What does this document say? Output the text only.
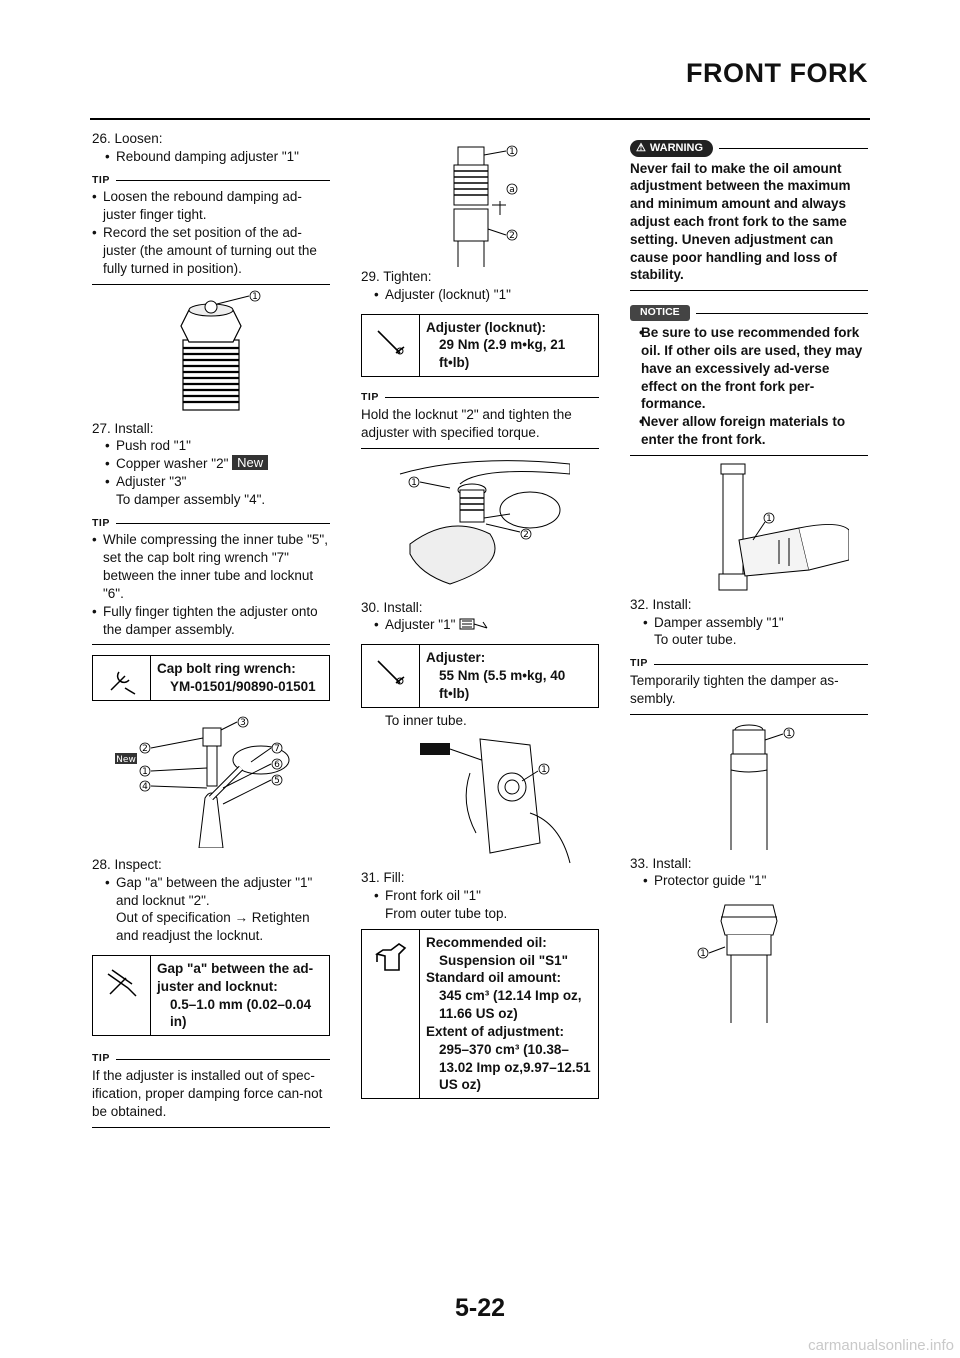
FRONT FORK
26. Loosen:
• Rebound damping adjuster "1"
TIP
• Loosen the rebound damping ad-juster finger tight.
• Record the set position of the ad-juster (the amount of turning out the fully turned in position).
1
27. Install:
• Push rod "1"
• Copper washer "2" New
• Adjuster "3"
To damper assembly "4".
TIP
• While compressing the inner tube "5", set the cap bolt ring wrench "7" between the inner tube and locknut "6".
• Fully finger tighten the adjuster onto the damper assembly.
Cap bolt ring wrench:
YM-01501/90890-01501
New
2
3
1
7
4
6
5
28. Inspect:
• Gap "a" between the adjuster "1" and locknut "2".
Out of specification → Retighten and readjust the locknut.
Gap "a" between the ad-juster and locknut:
0.5–1.0 mm (0.02–0.04 in)
TIP
If the adjuster is installed out of spec-ification, proper damping force can-not be obtained.
1
a
2
29. Tighten:
• Adjuster (locknut) "1"
Adjuster (locknut):
29 Nm (2.9 m•kg, 21 ft•lb)
TIP
Hold the locknut "2" and tighten the adjuster with specified torque.
1
2
30. Install:
• Adjuster "1"
Adjuster:
55 Nm (5.5 m•kg, 40 ft•lb)
To inner tube.
1
31. Fill:
• Front fork oil "1"
From outer tube top.
Recommended oil:
Suspension oil "S1"
Standard oil amount:
345 cm³ (12.14 Imp oz, 11.66 US oz)
Extent of adjustment:
295–370 cm³ (10.38–13.02 Imp oz,9.97–12.51 US oz)
⚠ WARNING
Never fail to make the oil amount adjustment between the maximum and minimum amount and always adjust each front fork to the same setting. Uneven adjustment can cause poor handling and loss of stability.
NOTICE
• Be sure to use recommended fork oil. If other oils are used, they may have an excessively ad-verse effect on the front fork per-formance.
• Never allow foreign materials to enter the front fork.
1
32. Install:
• Damper assembly "1"
To outer tube.
TIP
Temporarily tighten the damper as-sembly.
1
33. Install:
• Protector guide "1"
1
5-22
carmanualsonline.info
